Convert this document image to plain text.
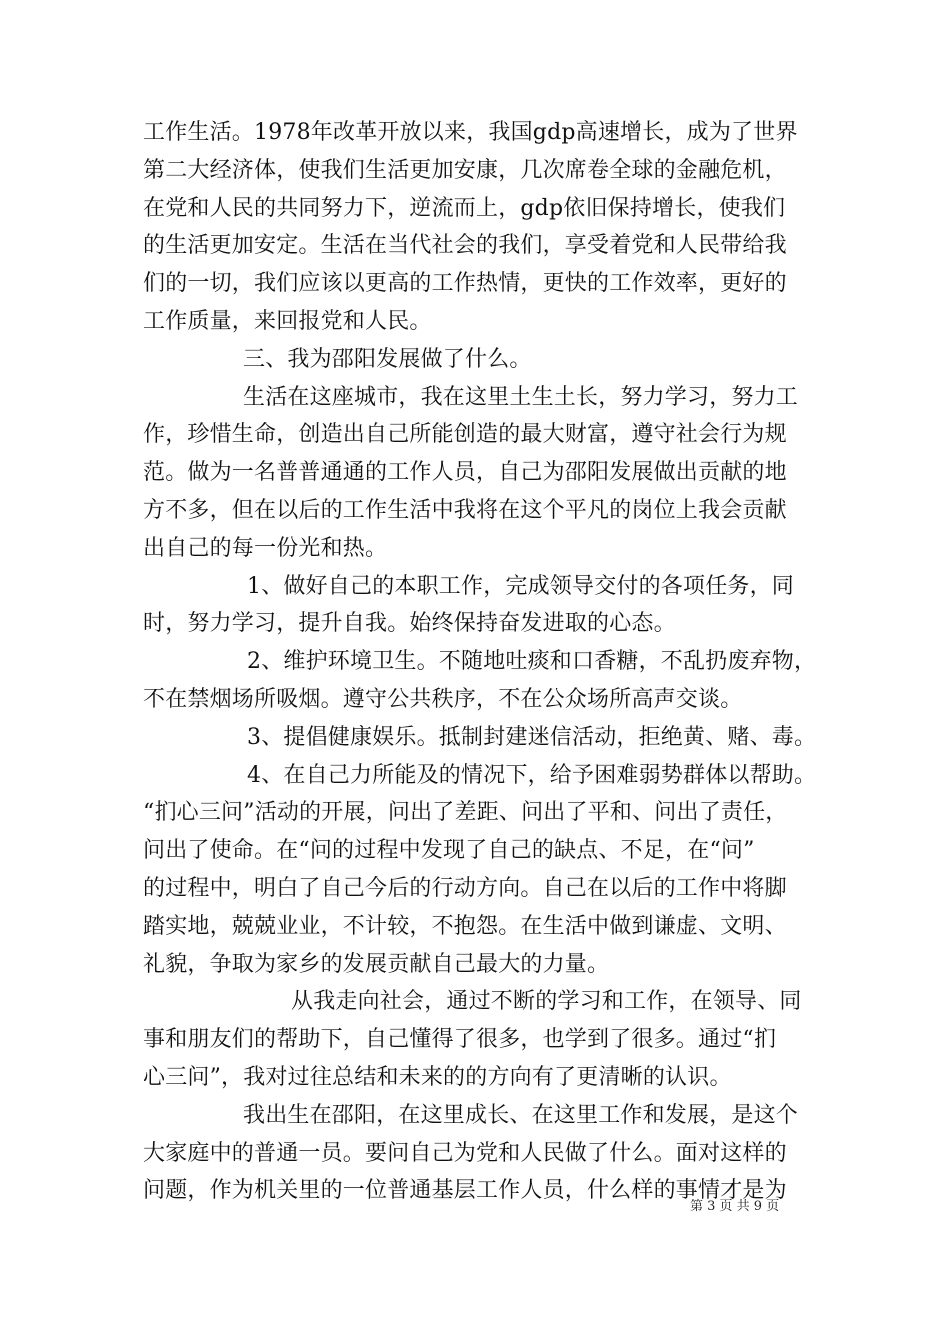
工作生活。1978年改革开放以来，我国gdp高速增长，成为了世界
第二大经济体，使我们生活更加安康，几次席卷全球的金融危机，
在党和人民的共同努力下，逆流而上，gdp依旧保持增长，使我们
的生活更加安定。生活在当代社会的我们，享受着党和人民带给我
们的一切，我们应该以更高的工作热情，更快的工作效率，更好的
工作质量，来回报党和人民。
三、我为邵阳发展做了什么。
生活在这座城市，我在这里土生土长，努力学习，努力工
作，珍惜生命，创造出自己所能创造的最大财富，遵守社会行为规
范。做为一名普普通通的工作人员，自己为邵阳发展做出贡献的地
方不多，但在以后的工作生活中我将在这个平凡的岗位上我会贡献
出自己的每一份光和热。
1、做好自己的本职工作，完成领导交付的各项任务，同
时，努力学习，提升自我。始终保持奋发进取的心态。
2、维护环境卫生。不随地吐痰和口香糖，不乱扔废弃物，
不在禁烟场所吸烟。遵守公共秩序，不在公众场所高声交谈。
3、提倡健康娱乐。抵制封建迷信活动，拒绝黄、赌、毒。
4、在自己力所能及的情况下，给予困难弱势群体以帮助。
“扪心三问”活动的开展，问出了差距、问出了平和、问出了责任，
问出了使命。在“问的过程中发现了自己的缺点、不足，在“问”
的过程中，明白了自己今后的行动方向。自己在以后的工作中将脚
踏实地，兢兢业业，不计较，不抱怨。在生活中做到谦虚、文明、
礼貌，争取为家乡的发展贡献自己最大的力量。
从我走向社会，通过不断的学习和工作，在领导、同
事和朋友们的帮助下，自己懂得了很多，也学到了很多。通过“扪
心三问”，我对过往总结和未来的的方向有了更清晰的认识。
我出生在邵阳，在这里成长、在这里工作和发展，是这个
大家庭中的普通一员。要问自己为党和人民做了什么。面对这样的
问题，作为机关里的一位普通基层工作人员，什么样的事情才是为
第 3 页 共 9 页
